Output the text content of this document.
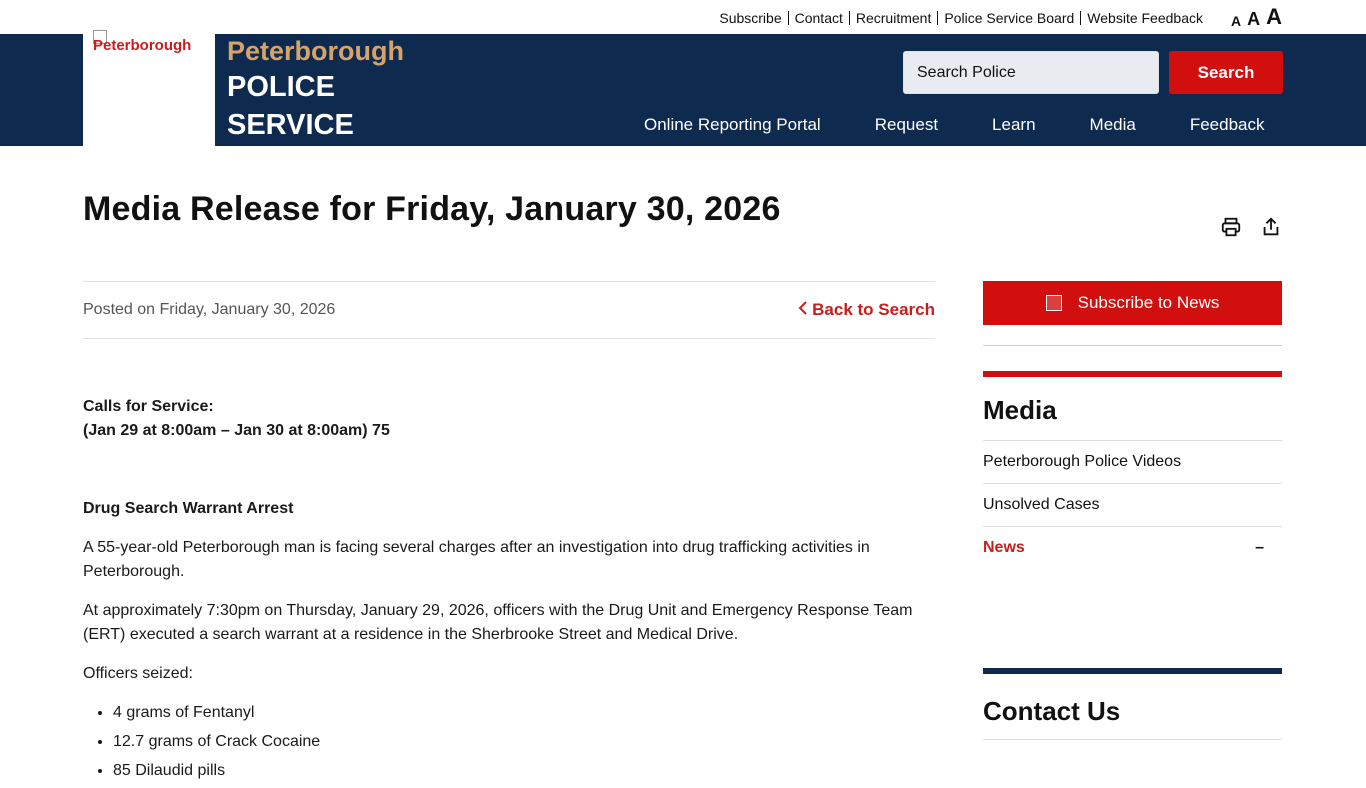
Subscribe Contact Recruitment Police Service Board Website Feedback	A A A
Peterborough Peterborough
POLICE
SERVICE
Search Police	Search
Online Reporting Portal	Request	Learn	Media	Feedback
Media Release for Friday, January 30, 2026
Posted on Friday, January 30, 2026	Back to Search
Calls for Service:
(Jan 29 at 8:00am – Jan 30 at 8:00am) 75
Drug Search Warrant Arrest

A 55-year-old Peterborough man is facing several charges after an investigation into drug trafficking activities in Peterborough.

At approximately 7:30pm on Thursday, January 29, 2026, officers with the Drug Unit and Emergency Response Team (ERT) executed a search warrant at a residence in the Sherbrooke Street and Medical Drive.

Officers seized:

• 4 grams of Fentanyl
• 12.7 grams of Crack Cocaine
• 85 Dilaudid pills
Subscribe to News
Media
Peterborough Police Videos
Unsolved Cases
News	–
Contact Us
